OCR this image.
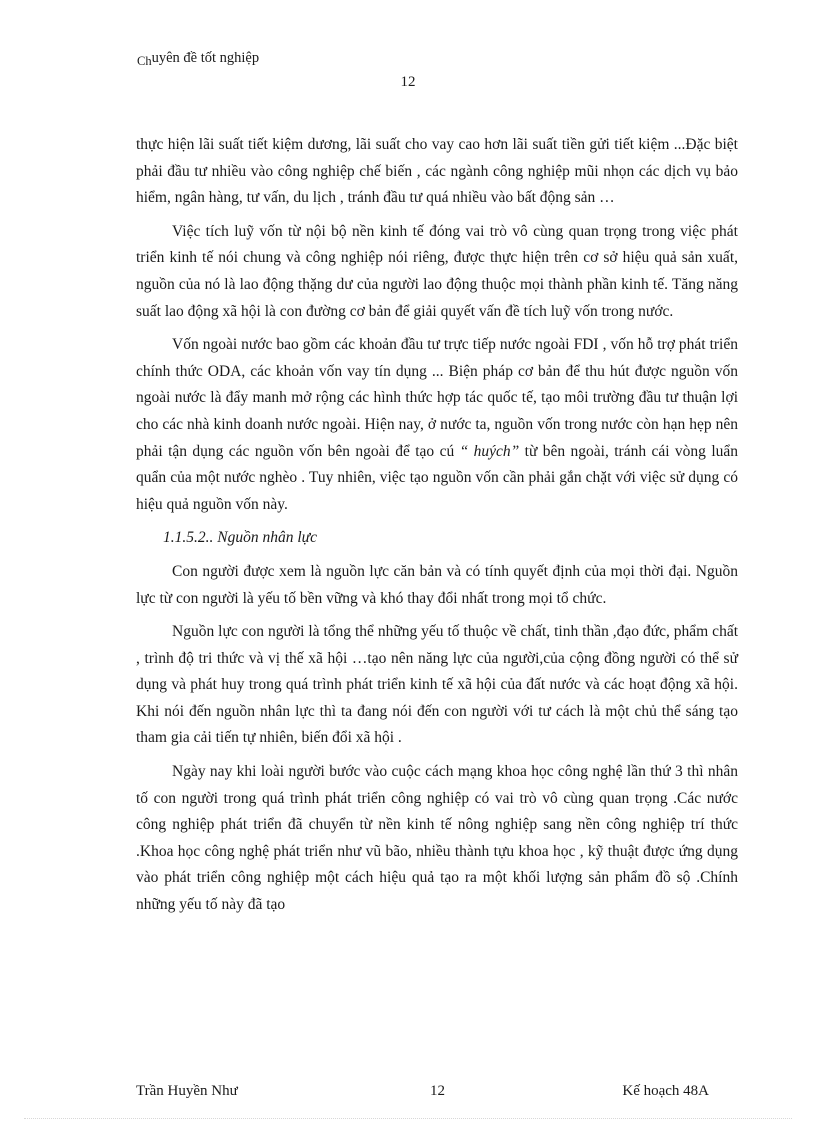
Chuyên đề tốt nghiệp
12

thực hiện lãi suất tiết kiệm dương, lãi suất cho vay cao hơn lãi suất tiền gửi tiết kiệm ...Đặc biệt phải đầu tư nhiều vào công nghiệp chế biến , các ngành công nghiệp mũi nhọn các dịch vụ bảo hiểm, ngân hàng, tư vấn, du lịch , tránh đầu tư quá nhiều vào bất động sản …

Việc tích luỹ vốn từ nội bộ nền kinh tế đóng vai trò vô cùng quan trọng trong việc phát triển kinh tế nói chung và công nghiệp nói riêng, được thực hiện trên cơ sở hiệu quả sản xuất, nguồn của nó là lao động thặng dư của người lao động thuộc mọi thành phần kinh tế. Tăng năng suất lao động xã hội là con đường cơ bản để giải quyết vấn đề tích luỹ vốn trong nước.

Vốn ngoài nước bao gồm các khoản đầu tư trực tiếp nước ngoài FDI , vốn hỗ trợ phát triển chính thức ODA, các khoản vốn vay tín dụng ... Biện pháp cơ bản để thu hút được nguồn vốn ngoài nước là đẩy manh mở rộng các hình thức hợp tác quốc tế, tạo môi trường đầu tư thuận lợi cho các nhà kinh doanh nước ngoài. Hiện nay, ở nước ta, nguồn vốn trong nước còn hạn hẹp nên phải tận dụng các nguồn vốn bên ngoài để tạo cú “ huých” từ bên ngoài, tránh cái vòng luẩn quẩn của một nước nghèo . Tuy nhiên, việc tạo nguồn vốn cần phải gắn chặt với việc sử dụng có hiệu quả nguồn vốn này.

1.1.5.2.. Nguồn nhân lực

Con người được xem là nguồn lực căn bản và có tính quyết định của mọi thời đại. Nguồn lực từ con người là yếu tố bền vững và khó thay đổi nhất trong mọi tổ chức.

Nguồn lực con người là tổng thể những yếu tố thuộc về chất, tinh thần ,đạo đức, phẩm chất , trình độ tri thức và vị thế xã hội …tạo nên năng lực của người,của cộng đồng người có thể sử dụng và phát huy trong quá trình phát triển kinh tế xã hội của đất nước và các hoạt động xã hội. Khi nói đến nguồn nhân lực thì ta đang nói đến con người với tư cách là một chủ thể sáng tạo tham gia cải tiến tự nhiên, biến đổi xã hội .

Ngày nay khi loài người bước vào cuộc cách mạng khoa học công nghệ lần thứ 3 thì nhân tố con người trong quá trình phát triển công nghiệp có vai trò vô cùng quan trọng .Các nước công nghiệp phát triển đã chuyển từ nền kinh tế nông nghiệp sang nền công nghiệp trí thức .Khoa học công nghệ phát triển như vũ bão, nhiều thành tựu khoa học , kỹ thuật được ứng dụng vào phát triển công nghiệp một cách hiệu quả tạo ra một khối lượng sản phẩm đồ sộ .Chính những yếu tố này đã tạo

Trần Huyền Như	12	Kế hoạch 48A
